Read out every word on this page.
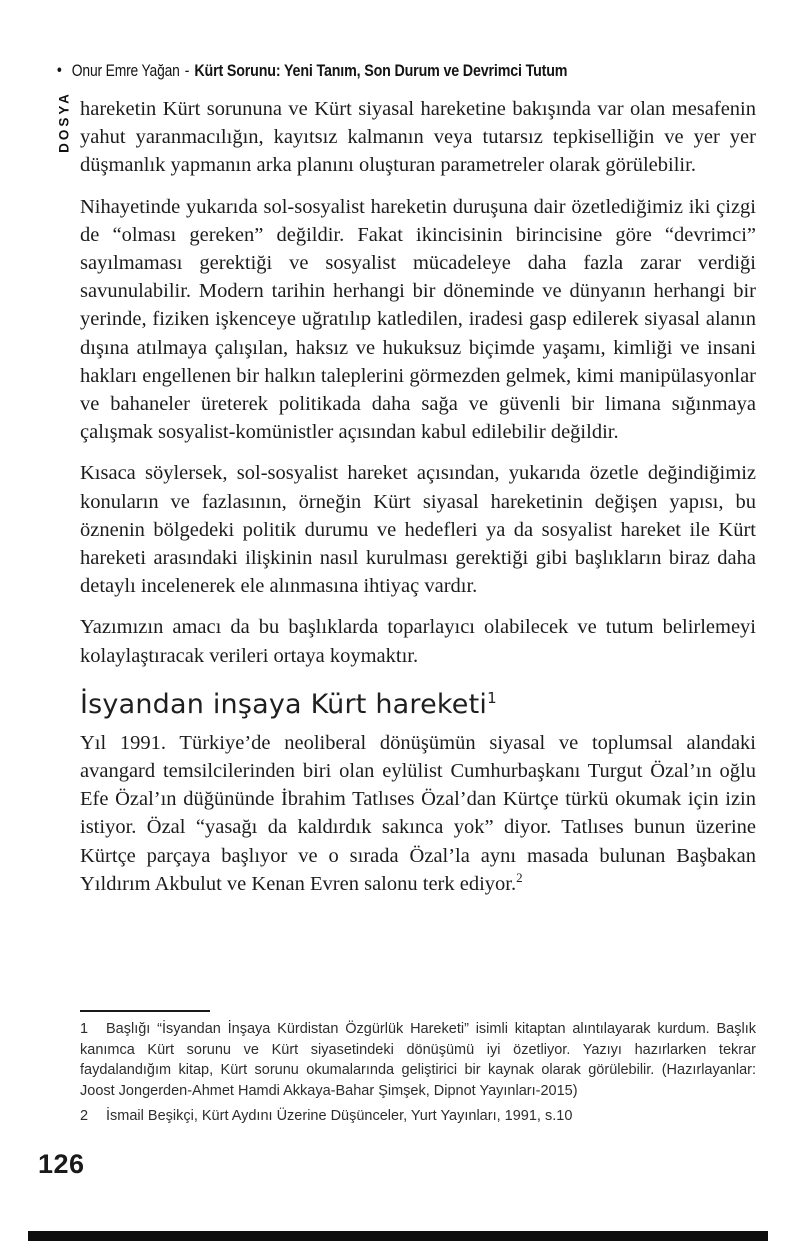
• Onur Emre Yağan - Kürt Sorunu: Yeni Tanım, Son Durum ve Devrimci Tutum
DOSYA hareketin Kürt sorununa ve Kürt siyasal hareketine bakışında var olan mesafenin yahut yaranmacılığın, kayıtsız kalmanın veya tutarsız tepkiselliğin ve yer yer düşmanlık yapmanın arka planını oluşturan parametreler olarak görülebilir.

Nihayetinde yukarıda sol-sosyalist hareketin duruşuna dair özetlediğimiz iki çizgi de “olması gereken” değildir. Fakat ikincisinin birincisine göre “devrimci” sayılmaması gerektiği ve sosyalist mücadeleye daha fazla zarar verdiği savunulabilir. Modern tarihin herhangi bir döneminde ve dünyanın herhangi bir yerinde, fiziken işkenceye uğratılıp katledilen, iradesi gasp edilerek siyasal alanın dışına atılmaya çalışılan, haksız ve hukuksuz biçimde yaşamı, kimliği ve insani hakları engellenen bir halkın taleplerini görmezden gelmek, kimi manipülasyonlar ve bahaneler üreterek politikada daha sağa ve güvenli bir limana sığınmaya çalışmak sosyalist-komünistler açısından kabul edilebilir değildir.

Kısaca söylersek, sol-sosyalist hareket açısından, yukarıda özetle değindiğimiz konuların ve fazlasının, örneğin Kürt siyasal hareketinin değişen yapısı, bu öznenin bölgedeki politik durumu ve hedefleri ya da sosyalist hareket ile Kürt hareketi arasındaki ilişkinin nasıl kurulması gerektiği gibi başlıkların biraz daha detaylı incelenerek ele alınmasına ihtiyaç vardır.

Yazımızın amacı da bu başlıklarda toparlayıcı olabilecek ve tutum belirlemeyi kolaylaştıracak verileri ortaya koymaktır.

İsyandan inşaya Kürt hareketi$^1$

Yıl 1991. Türkiye’de neoliberal dönüşümün siyasal ve toplumsal alandaki avangard temsilcilerinden biri olan eylülist Cumhurbaşkanı Turgut Özal’ın oğlu Efe Özal’ın düğününde İbrahim Tatlıses Özal’dan Kürtçe türkü okumak için izin istiyor. Özal “yasağı da kaldırdık sakınca yok” diyor. Tatlıses bunun üzerine Kürtçe parçaya başlıyor ve o sırada Özal’la aynı masada bulunan Başbakan Yıldırım Akbulut ve Kenan Evren salonu terk ediyor.$^2$

1 Başlığı “İsyandan İnşaya Kürdistan Özgürlük Hareketi” isimli kitaptan alıntılayarak kurdum. Başlık kanımca Kürt sorunu ve Kürt siyasetindeki dönüşümü iyi özetliyor. Yazıyı hazırlarken tekrar faydalandığım kitap, Kürt sorunu okumalarında geliştirici bir kaynak olarak görülebilir. (Hazırlayanlar: Joost Jongerden-Ahmet Hamdi Akkaya-Bahar Şimşek, Dipnot Yayınları-2015)
2 İsmail Beşikçi, Kürt Aydını Üzerine Düşünceler, Yurt Yayınları, 1991, s.10
126
